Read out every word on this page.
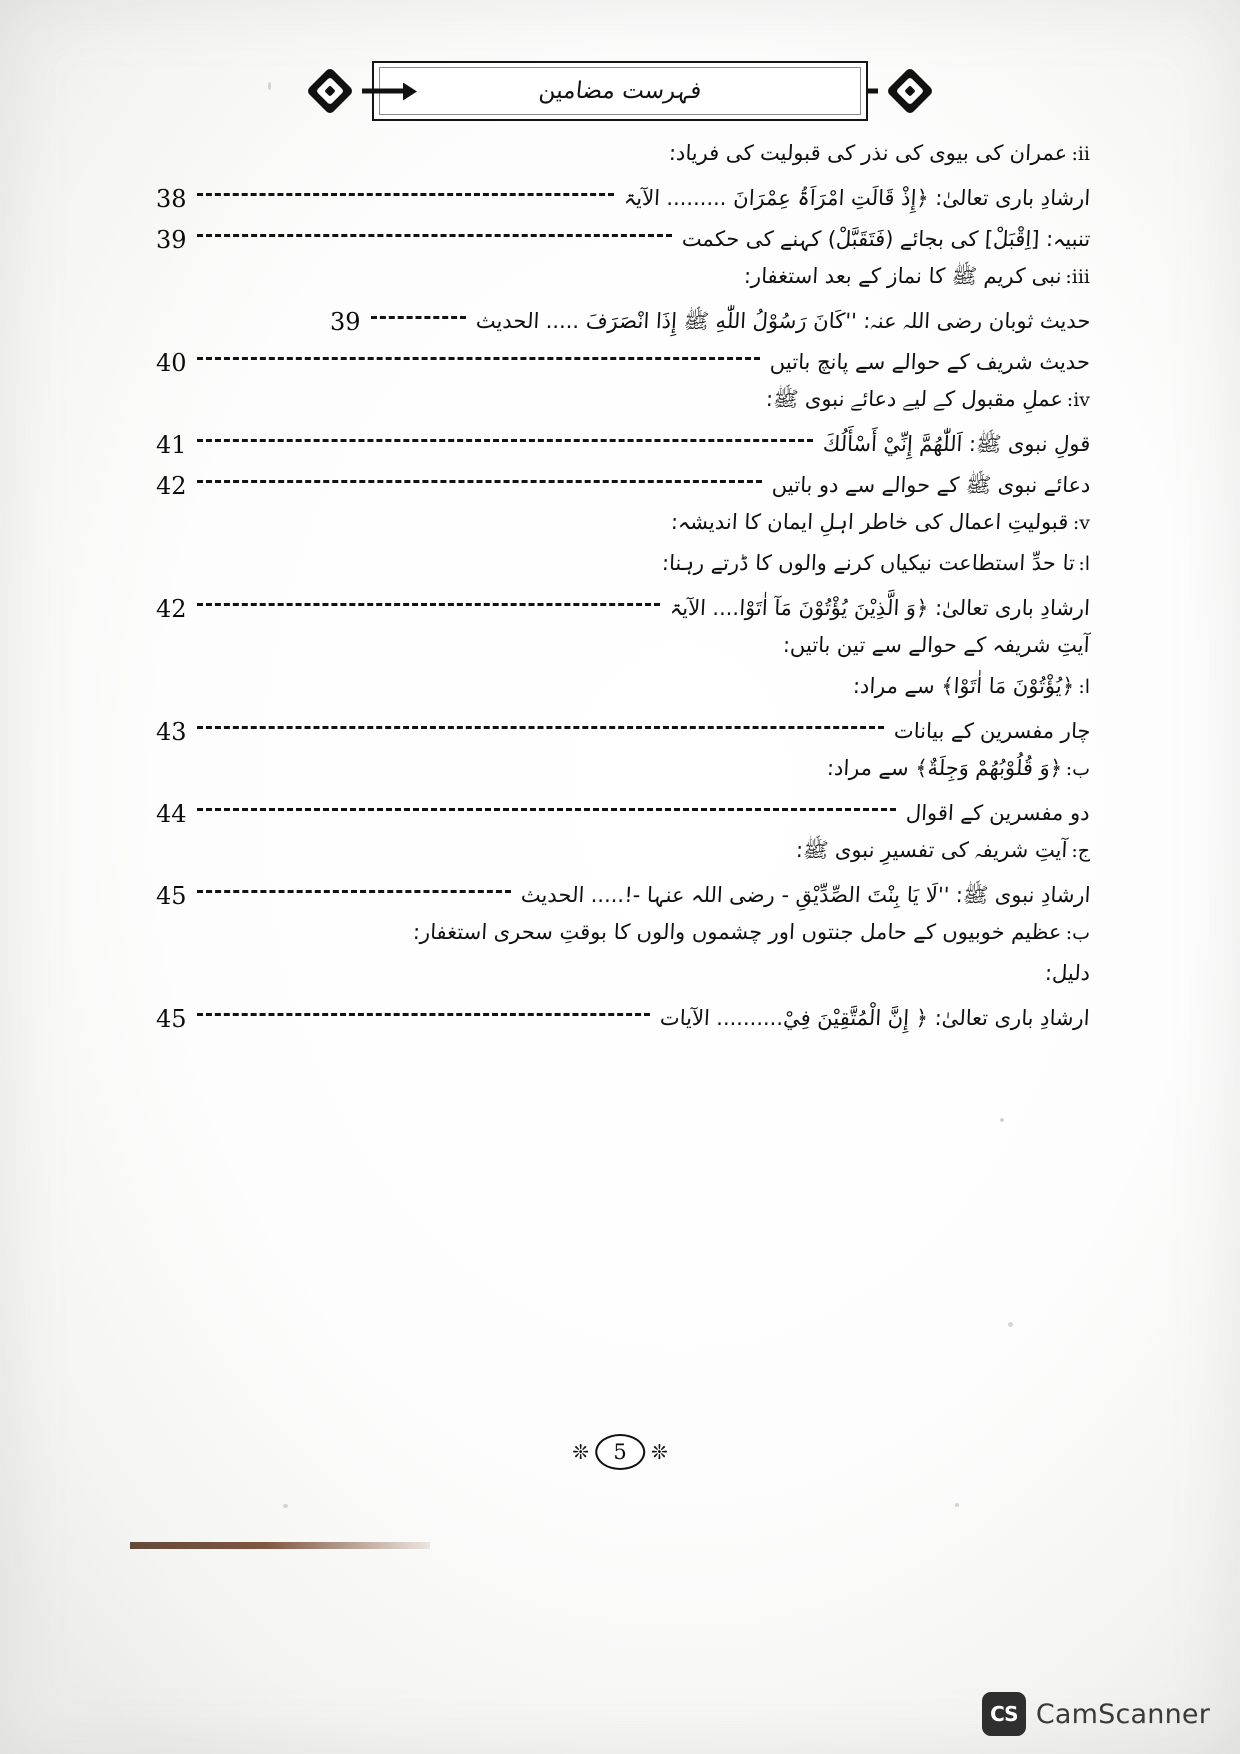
فہرست مضامین
ii:
عمران کی بیوی کی نذر کی قبولیت کی فریاد:
ارشادِ باری تعالیٰ: ﴿إِذْ قَالَتِ امْرَاَۃُ عِمْرَانَ ......... الآیۃ
38
تنبیہ: [اِقْبَلْ] کی بجائے (فَتَقَبَّلْ) کہنے کی حکمت
39
iii:
نبی کریم ﷺ کا نماز کے بعد استغفار:
حدیث ثوبان رضی اللہ عنہ: ''کَانَ رَسُوْلُ اللّٰهِ ﷺ إِذَا انْصَرَفَ ..... الحدیث
39
حدیث شریف کے حوالے سے پانچ باتیں
40
iv:
عملِ مقبول کے لیے دعائے نبوی ﷺ:
قولِ نبوی ﷺ: اَللّٰهُمَّ إِنِّيْ أَسْأَلُكَ
41
دعائے نبوی ﷺ کے حوالے سے دو باتیں
42
v:
قبولیتِ اعمال کی خاطر اہلِ ایمان کا اندیشہ:
ا:
تا حدِّ استطاعت نیکیاں کرنے والوں کا ڈرتے رہنا:
ارشادِ باری تعالیٰ: ﴿وَ الَّذِیْنَ یُؤْتُوْنَ مَآ اٰتَوْا.... الآیۃ
42
آیتِ شریفہ کے حوالے سے تین باتیں:
ا:
﴿یُؤْتُوْنَ مَا اٰتَوْا﴾ سے مراد:
چار مفسرین کے بیانات
43
ب:
﴿وَ قُلُوْبُهُمْ وَجِلَةٌ﴾ سے مراد:
دو مفسرین کے اقوال
44
ج:
آیتِ شریفہ کی تفسیرِ نبوی ﷺ:
ارشادِ نبوی ﷺ: ''لَا یَا بِنْتَ الصِّدِّیْقِ - رضی اللہ عنہا -!..... الحدیث
45
ب:
عظیم خوبیوں کے حامل جنتوں اور چشموں والوں کا بوقتِ سحری استغفار:
دلیل:
ارشادِ باری تعالیٰ: ﴿ إِنَّ الْمُتَّقِیْنَ فِيْ.......... الآیات
45
❊	5	❊
CS CamScanner
